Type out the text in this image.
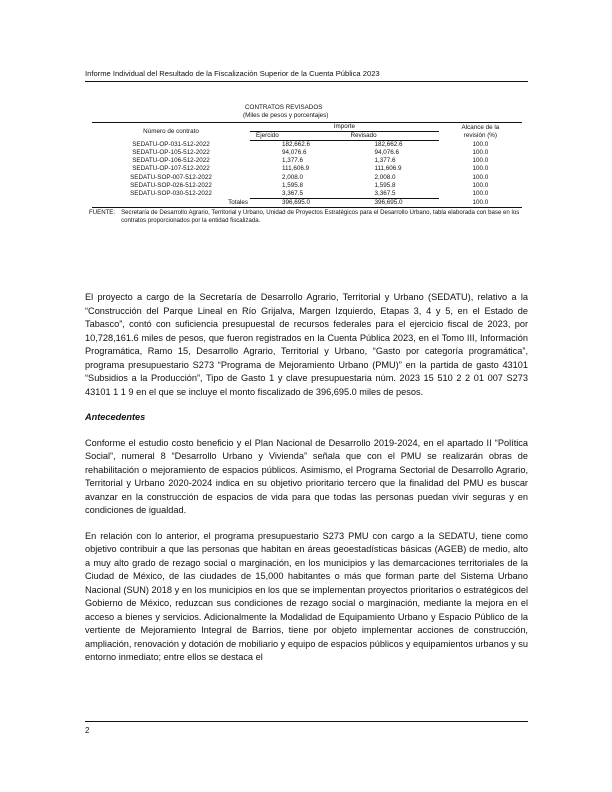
Informe Individual del Resultado de la Fiscalización Superior de la Cuenta Pública 2023
CONTRATOS REVISADOS
(Miles de pesos y porcentajes)
Número de contrato	Importe		Alcance de la
revisión (%)

	Ejercido	Revisado	
SEDATU-OP-031-512-2022	182,662.6	182,662.6	100.0
SEDATU-OP-105-512-2022	94,076.6	94,076.6	100.0
SEDATU-OP-106-512-2022	1,377.6	1,377.6	100.0
SEDATU-OP-107-512-2022	111,606.9	111,606.9	100.0
SEDATU-SOP-007-512-2022	2,008.0	2,008.0	100.0
SEDATU-SOP-026-512-2022	1,595.8	1,595.8	100.0
SEDATU-SOP-030-512-2022	3,367.5	3,367.5	100.0
Totales	396,695.0	396,695.0	100.0
FUENTE: Secretaría de Desarrollo Agrario, Territorial y Urbano, Unidad de Proyectos Estratégicos para el Desarrollo Urbano, tabla elaborada con base en los contratos proporcionados por la entidad fiscalizada.

El proyecto a cargo de la Secretaría de Desarrollo Agrario, Territorial y Urbano (SEDATU), relativo a la “Construcción del Parque Lineal en Río Grijalva, Margen Izquierdo, Etapas 3, 4 y 5, en el Estado de Tabasco”, contó con suficiencia presupuestal de recursos federales para el ejercicio fiscal de 2023, por 10,728,161.6 miles de pesos, que fueron registrados en la Cuenta Pública 2023, en el Tomo III, Información Programática, Ramo 15, Desarrollo Agrario, Territorial y Urbano, “Gasto por categoría programática”, programa presupuestario S273 “Programa de Mejoramiento Urbano (PMU)” en la partida de gasto 43101 “Subsidios a la Producción”, Tipo de Gasto 1 y clave presupuestaria núm. 2023 15 510 2 2 01 007 S273 43101 1 1 9 en el que se incluye el monto fiscalizado de 396,695.0 miles de pesos.

Antecedentes

Conforme el estudio costo beneficio y el Plan Nacional de Desarrollo 2019-2024, en el apartado II “Política Social”, numeral 8 “Desarrollo Urbano y Vivienda” señala que con el PMU se realizarán obras de rehabilitación o mejoramiento de espacios públicos. Asimismo, el Programa Sectorial de Desarrollo Agrario, Territorial y Urbano 2020-2024 indica en su objetivo prioritario tercero que la finalidad del PMU es buscar avanzar en la construcción de espacios de vida para que todas las personas puedan vivir seguras y en condiciones de igualdad.

En relación con lo anterior, el programa presupuestario S273 PMU con cargo a la SEDATU, tiene como objetivo contribuir a que las personas que habitan en áreas geoestadísticas básicas (AGEB) de medio, alto a muy alto grado de rezago social o marginación, en los municipios y las demarcaciones territoriales de la Ciudad de México, de las ciudades de 15,000 habitantes o más que forman parte del Sistema Urbano Nacional (SUN) 2018 y en los municipios en los que se implementan proyectos prioritarios o estratégicos del Gobierno de México, reduzcan sus condiciones de rezago social o marginación, mediante la mejora en el acceso a bienes y servicios. Adicionalmente la Modalidad de Equipamiento Urbano y Espacio Público de la vertiente de Mejoramiento Integral de Barrios, tiene por objeto implementar acciones de construcción, ampliación, renovación y dotación de mobiliario y equipo de espacios públicos y equipamientos urbanos y su entorno inmediato; entre ellos se destaca el

2
